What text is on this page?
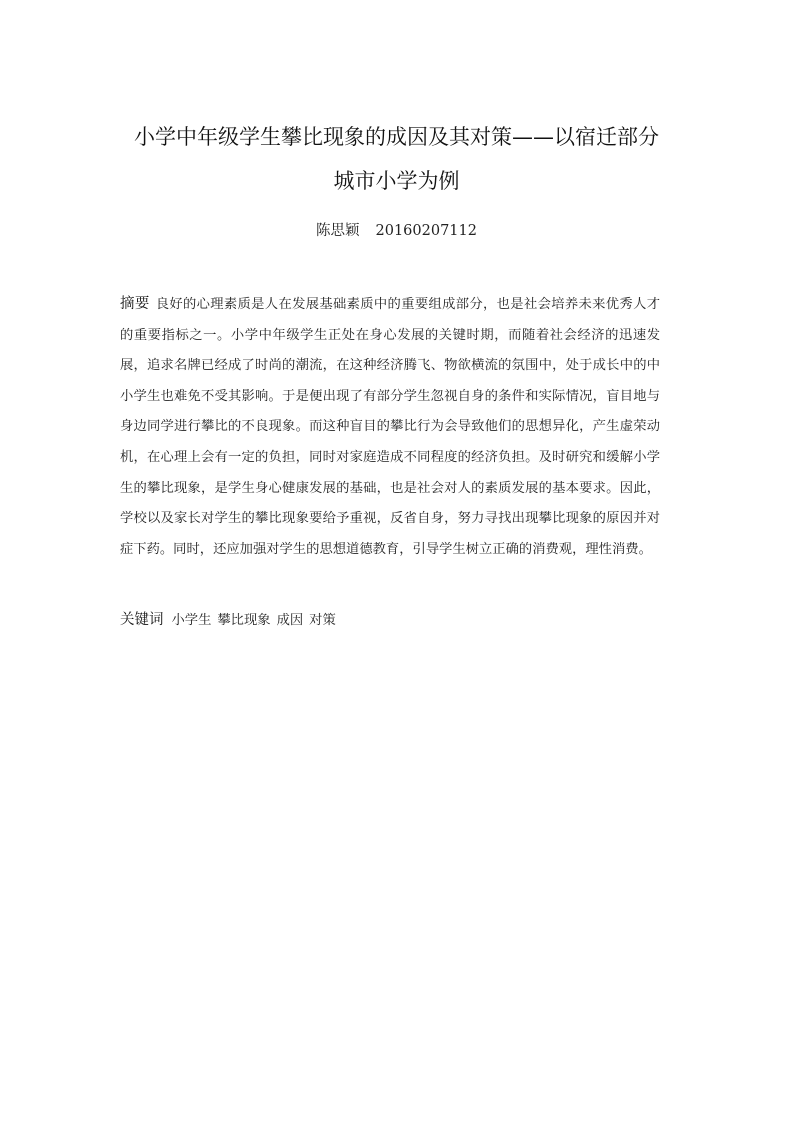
小学中年级学生攀比现象的成因及其对策——以宿迁部分
城市小学为例
陈思颖 20160207112

摘要 良好的心理素质是人在发展基础素质中的重要组成部分，也是社会培养未来优秀人才的重要指标之一。小学中年级学生正处在身心发展的关键时期，而随着社会经济的迅速发展，追求名牌已经成了时尚的潮流，在这种经济腾飞、物欲横流的氛围中，处于成长中的中小学生也难免不受其影响。于是便出现了有部分学生忽视自身的条件和实际情况，盲目地与身边同学进行攀比的不良现象。而这种盲目的攀比行为会导致他们的思想异化，产生虚荣动机，在心理上会有一定的负担，同时对家庭造成不同程度的经济负担。及时研究和缓解小学生的攀比现象，是学生身心健康发展的基础，也是社会对人的素质发展的基本要求。因此，学校以及家长对学生的攀比现象要给予重视，反省自身，努力寻找出现攀比现象的原因并对症下药。同时，还应加强对学生的思想道德教育，引导学生树立正确的消费观，理性消费。

关键词 小学生 攀比现象 成因 对策
